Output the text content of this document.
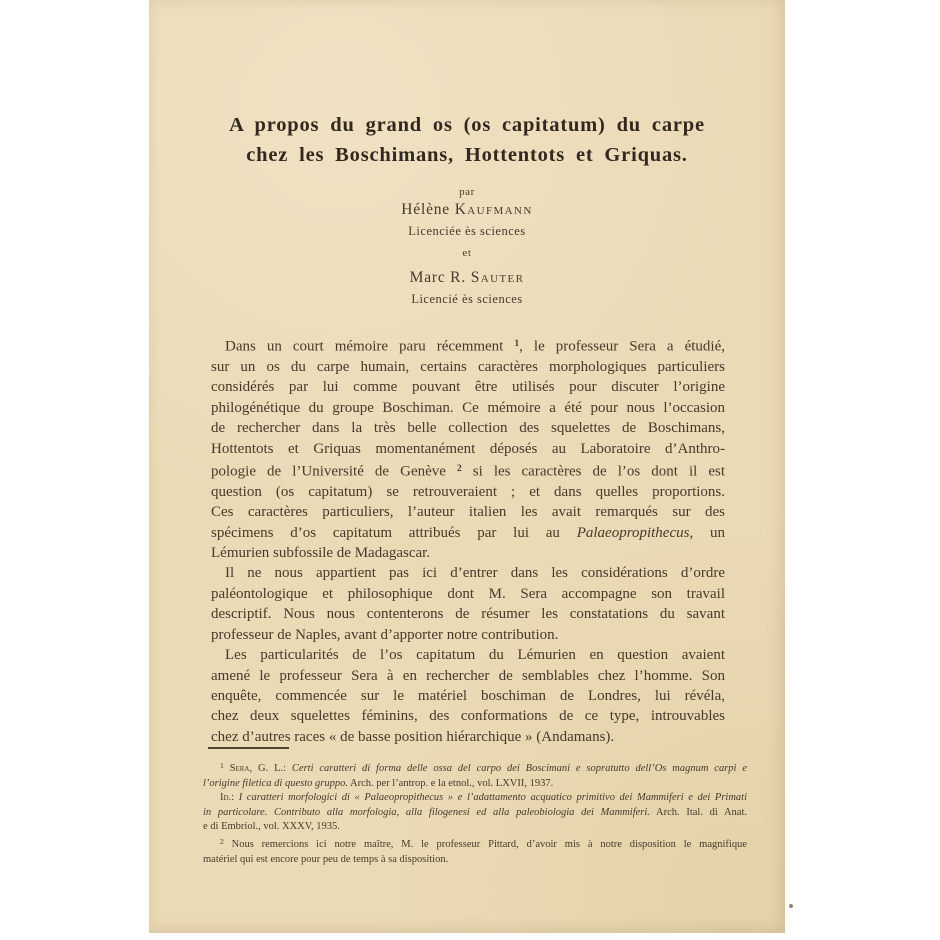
A propos du grand os (os capitatum) du carpe
chez les Boschimans, Hottentots et Griquas.
par
Hélène Kaufmann
Licenciée ès sciences
et
Marc R. Sauter
Licencié ès sciences
Dans un court mémoire paru récemment $^1$, le professeur Sera a étudié,
sur un os du carpe humain, certains caractères morphologiques particuliers
considérés par lui comme pouvant être utilisés pour discuter l’origine
philogénétique du groupe Boschiman. Ce mémoire a été pour nous l’occasion
de rechercher dans la très belle collection des squelettes de Boschimans,
Hottentots et Griquas momentanément déposés au Laboratoire d’Anthro-
pologie de l’Université de Genève $^2$ si les caractères de l’os dont il est
question (os capitatum) se retrouveraient ; et dans quelles proportions.
Ces caractères particuliers, l’auteur italien les avait remarqués sur des
spécimens d’os capitatum attribués par lui au Palaeopropithecus, un
Lémurien subfossile de Madagascar.
Il ne nous appartient pas ici d’entrer dans les considérations d’ordre
paléontologique et philosophique dont M. Sera accompagne son travail
descriptif. Nous nous contenterons de résumer les constatations du savant
professeur de Naples, avant d’apporter notre contribution.
Les particularités de l’os capitatum du Lémurien en question avaient
amené le professeur Sera à en rechercher de semblables chez l’homme. Son
enquête, commencée sur le matériel boschiman de Londres, lui révéla,
chez deux squelettes féminins, des conformations de ce type, introuvables
chez d’autres races « de basse position hiérarchique » (Andamans).
$^1$ Sera, G. L.: Certi caratteri di forma delle ossa del carpo dei Boscimani e sopratutto dell’Os magnum carpi e
l’origine filetica di questo gruppo. Arch. per l’antrop. e la etnol., vol. LXVII, 1937.
Id.: I caratteri morfologici di « Palaeopropithecus » e l’adattamento acquatico primitivo dei Mammiferi e dei Primati
in particolare. Contributo alla morfologia, alla filogenesi ed alla paleobiologia dei Mammiferi. Arch. Ital. di Anat.
e di Embriol., vol. XXXV, 1935.
$^2$ Nous remercions ici notre maître, M. le professeur Pittard, d’avoir mis à notre disposition le magnifique
matériel qui est encore pour peu de temps à sa disposition.
